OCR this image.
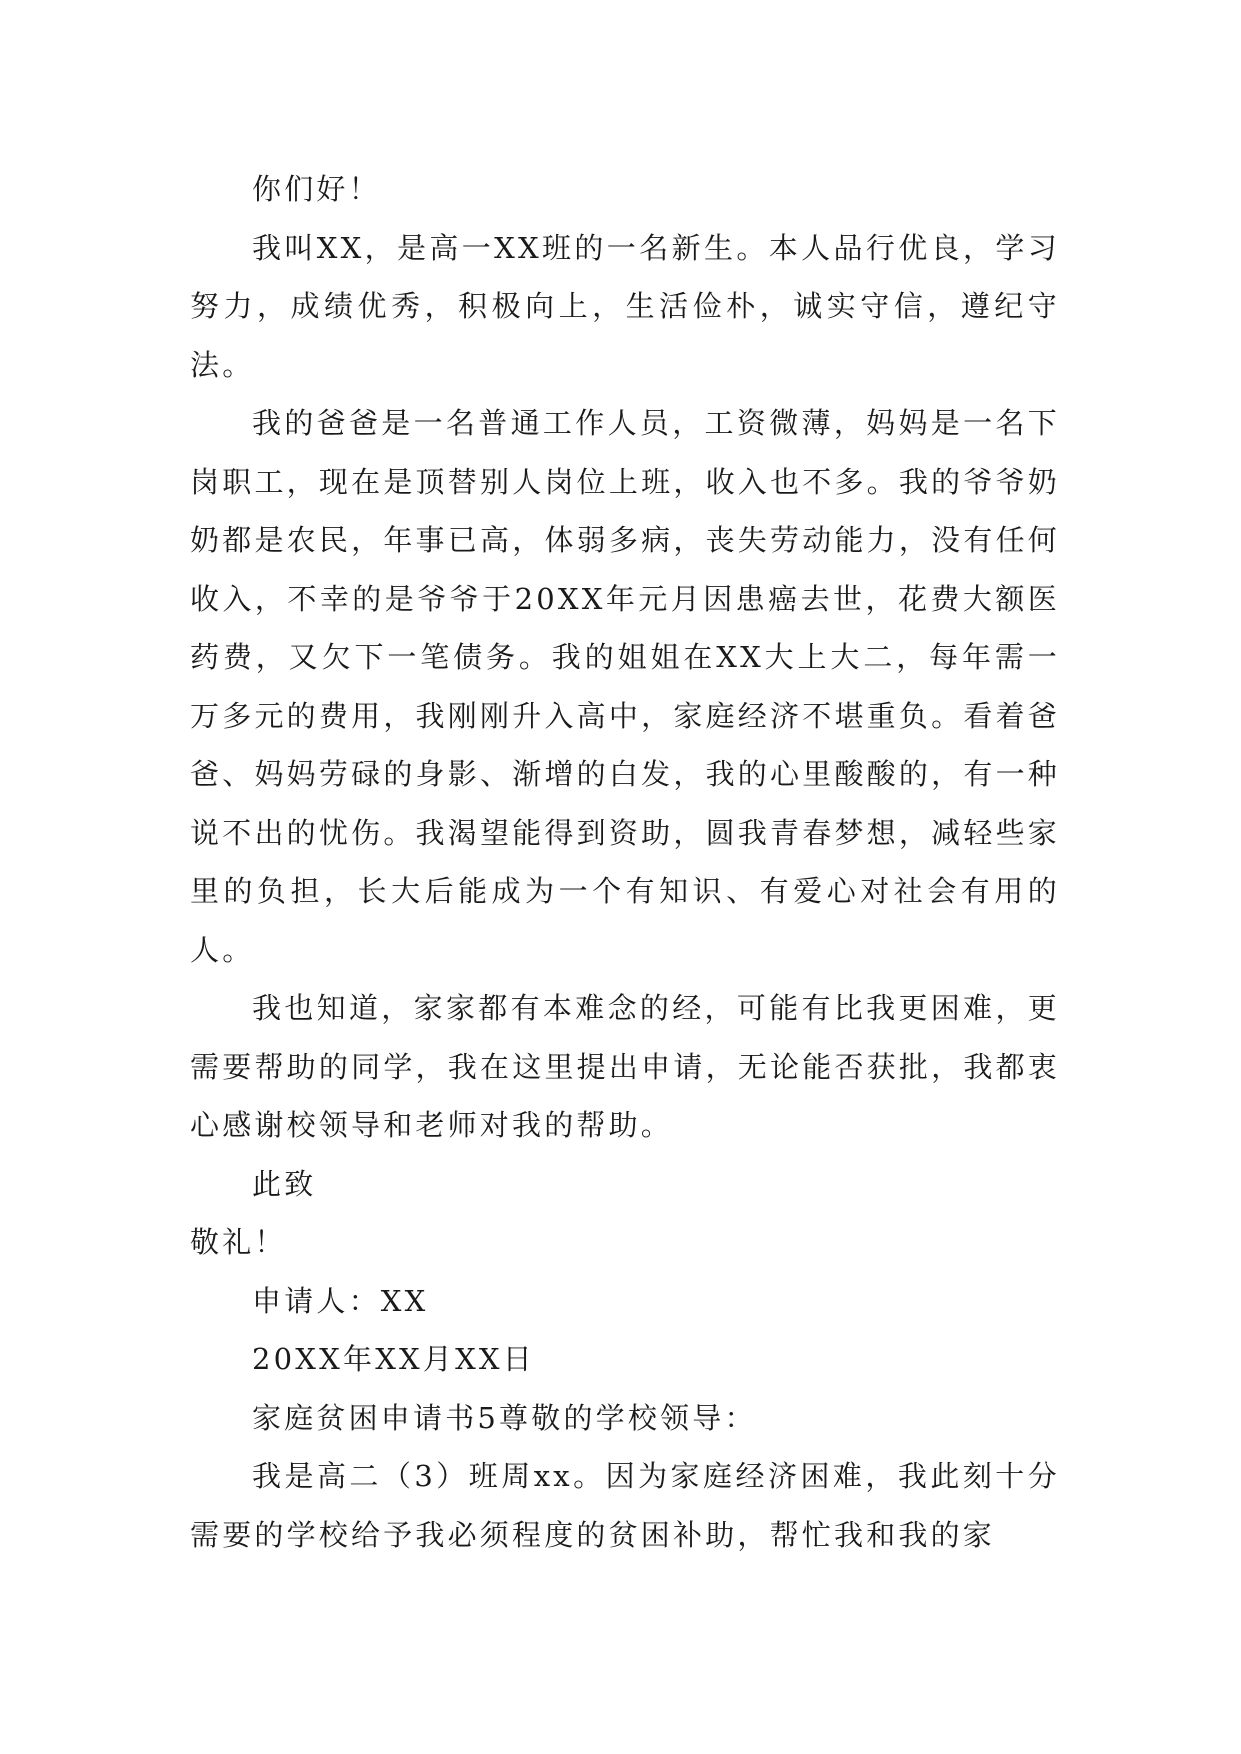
你们好！

我叫XX，是高一XX班的一名新生。本人品行优良，学习努力，成绩优秀，积极向上，生活俭朴，诚实守信，遵纪守法。

我的爸爸是一名普通工作人员，工资微薄，妈妈是一名下岗职工，现在是顶替别人岗位上班，收入也不多。我的爷爷奶奶都是农民，年事已高，体弱多病，丧失劳动能力，没有任何收入，不幸的是爷爷于20XX年元月因患癌去世，花费大额医药费，又欠下一笔债务。我的姐姐在XX大上大二，每年需一万多元的费用，我刚刚升入高中，家庭经济不堪重负。看着爸爸、妈妈劳碌的身影、渐增的白发，我的心里酸酸的，有一种说不出的忧伤。我渴望能得到资助，圆我青春梦想，减轻些家里的负担，长大后能成为一个有知识、有爱心对社会有用的人。

我也知道，家家都有本难念的经，可能有比我更困难，更需要帮助的同学，我在这里提出申请，无论能否获批，我都衷心感谢校领导和老师对我的帮助。

此致

敬礼！

申请人：XX

20XX年XX月XX日

家庭贫困申请书5尊敬的学校领导：

我是高二（3）班周xx。因为家庭经济困难，我此刻十分需要的学校给予我必须程度的贫困补助，帮忙我和我的家
